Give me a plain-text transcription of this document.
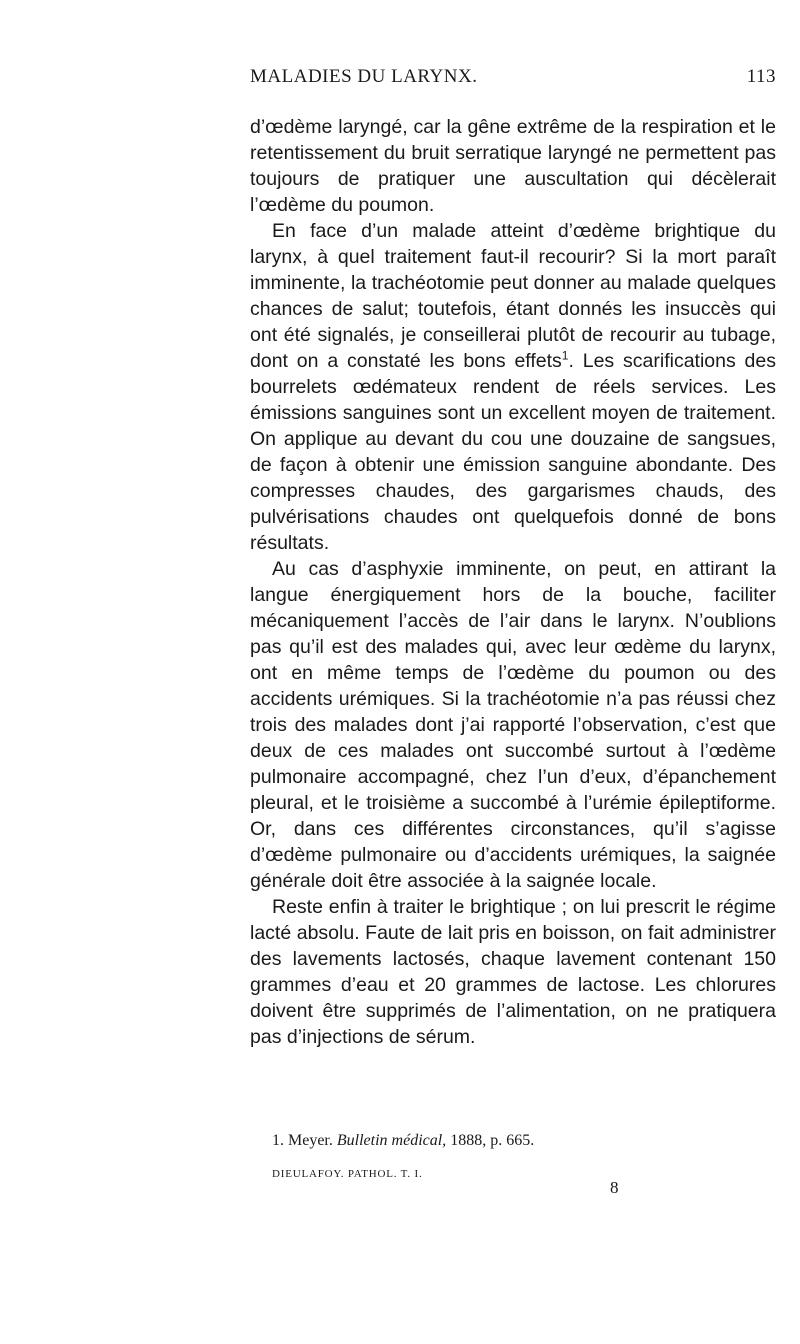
MALADIES DU LARYNX.	113

d’œdème laryngé, car la gêne extrême de la respiration et le retentissement du bruit serratique laryngé ne permettent pas toujours de pratiquer une auscultation qui décèlerait l’œdème du poumon.

En face d’un malade atteint d’œdème brightique du larynx, à quel traitement faut-il recourir? Si la mort paraît imminente, la trachéotomie peut donner au malade quelques chances de salut; toutefois, étant donnés les insuccès qui ont été signalés, je conseillerai plutôt de recourir au tubage, dont on a constaté les bons effets$^1$. Les scarifications des bourrelets œdémateux rendent de réels services. Les émissions sanguines sont un excellent moyen de traitement. On applique au devant du cou une douzaine de sangsues, de façon à obtenir une émission sanguine abondante. Des compresses chaudes, des gargarismes chauds, des pulvérisations chaudes ont quelquefois donné de bons résultats.

Au cas d’asphyxie imminente, on peut, en attirant la langue énergiquement hors de la bouche, faciliter mécaniquement l’accès de l’air dans le larynx. N’oublions pas qu’il est des malades qui, avec leur œdème du larynx, ont en même temps de l’œdème du poumon ou des accidents urémiques. Si la trachéotomie n’a pas réussi chez trois des malades dont j’ai rapporté l’observation, c’est que deux de ces malades ont succombé surtout à l’œdème pulmonaire accompagné, chez l’un d’eux, d’épanchement pleural, et le troisième a succombé à l’urémie épileptiforme. Or, dans ces différentes circonstances, qu’il s’agisse d’œdème pulmonaire ou d’accidents urémiques, la saignée générale doit être associée à la saignée locale.

Reste enfin à traiter le brightique ; on lui prescrit le régime lacté absolu. Faute de lait pris en boisson, on fait administrer des lavements lactosés, chaque lavement contenant 150 grammes d’eau et 20 grammes de lactose. Les chlorures doivent être supprimés de l’alimentation, on ne pratiquera pas d’injections de sérum.

1. Meyer. Bulletin médical, 1888, p. 665.
DIEULAFOY. PATHOL. T. I.
8
